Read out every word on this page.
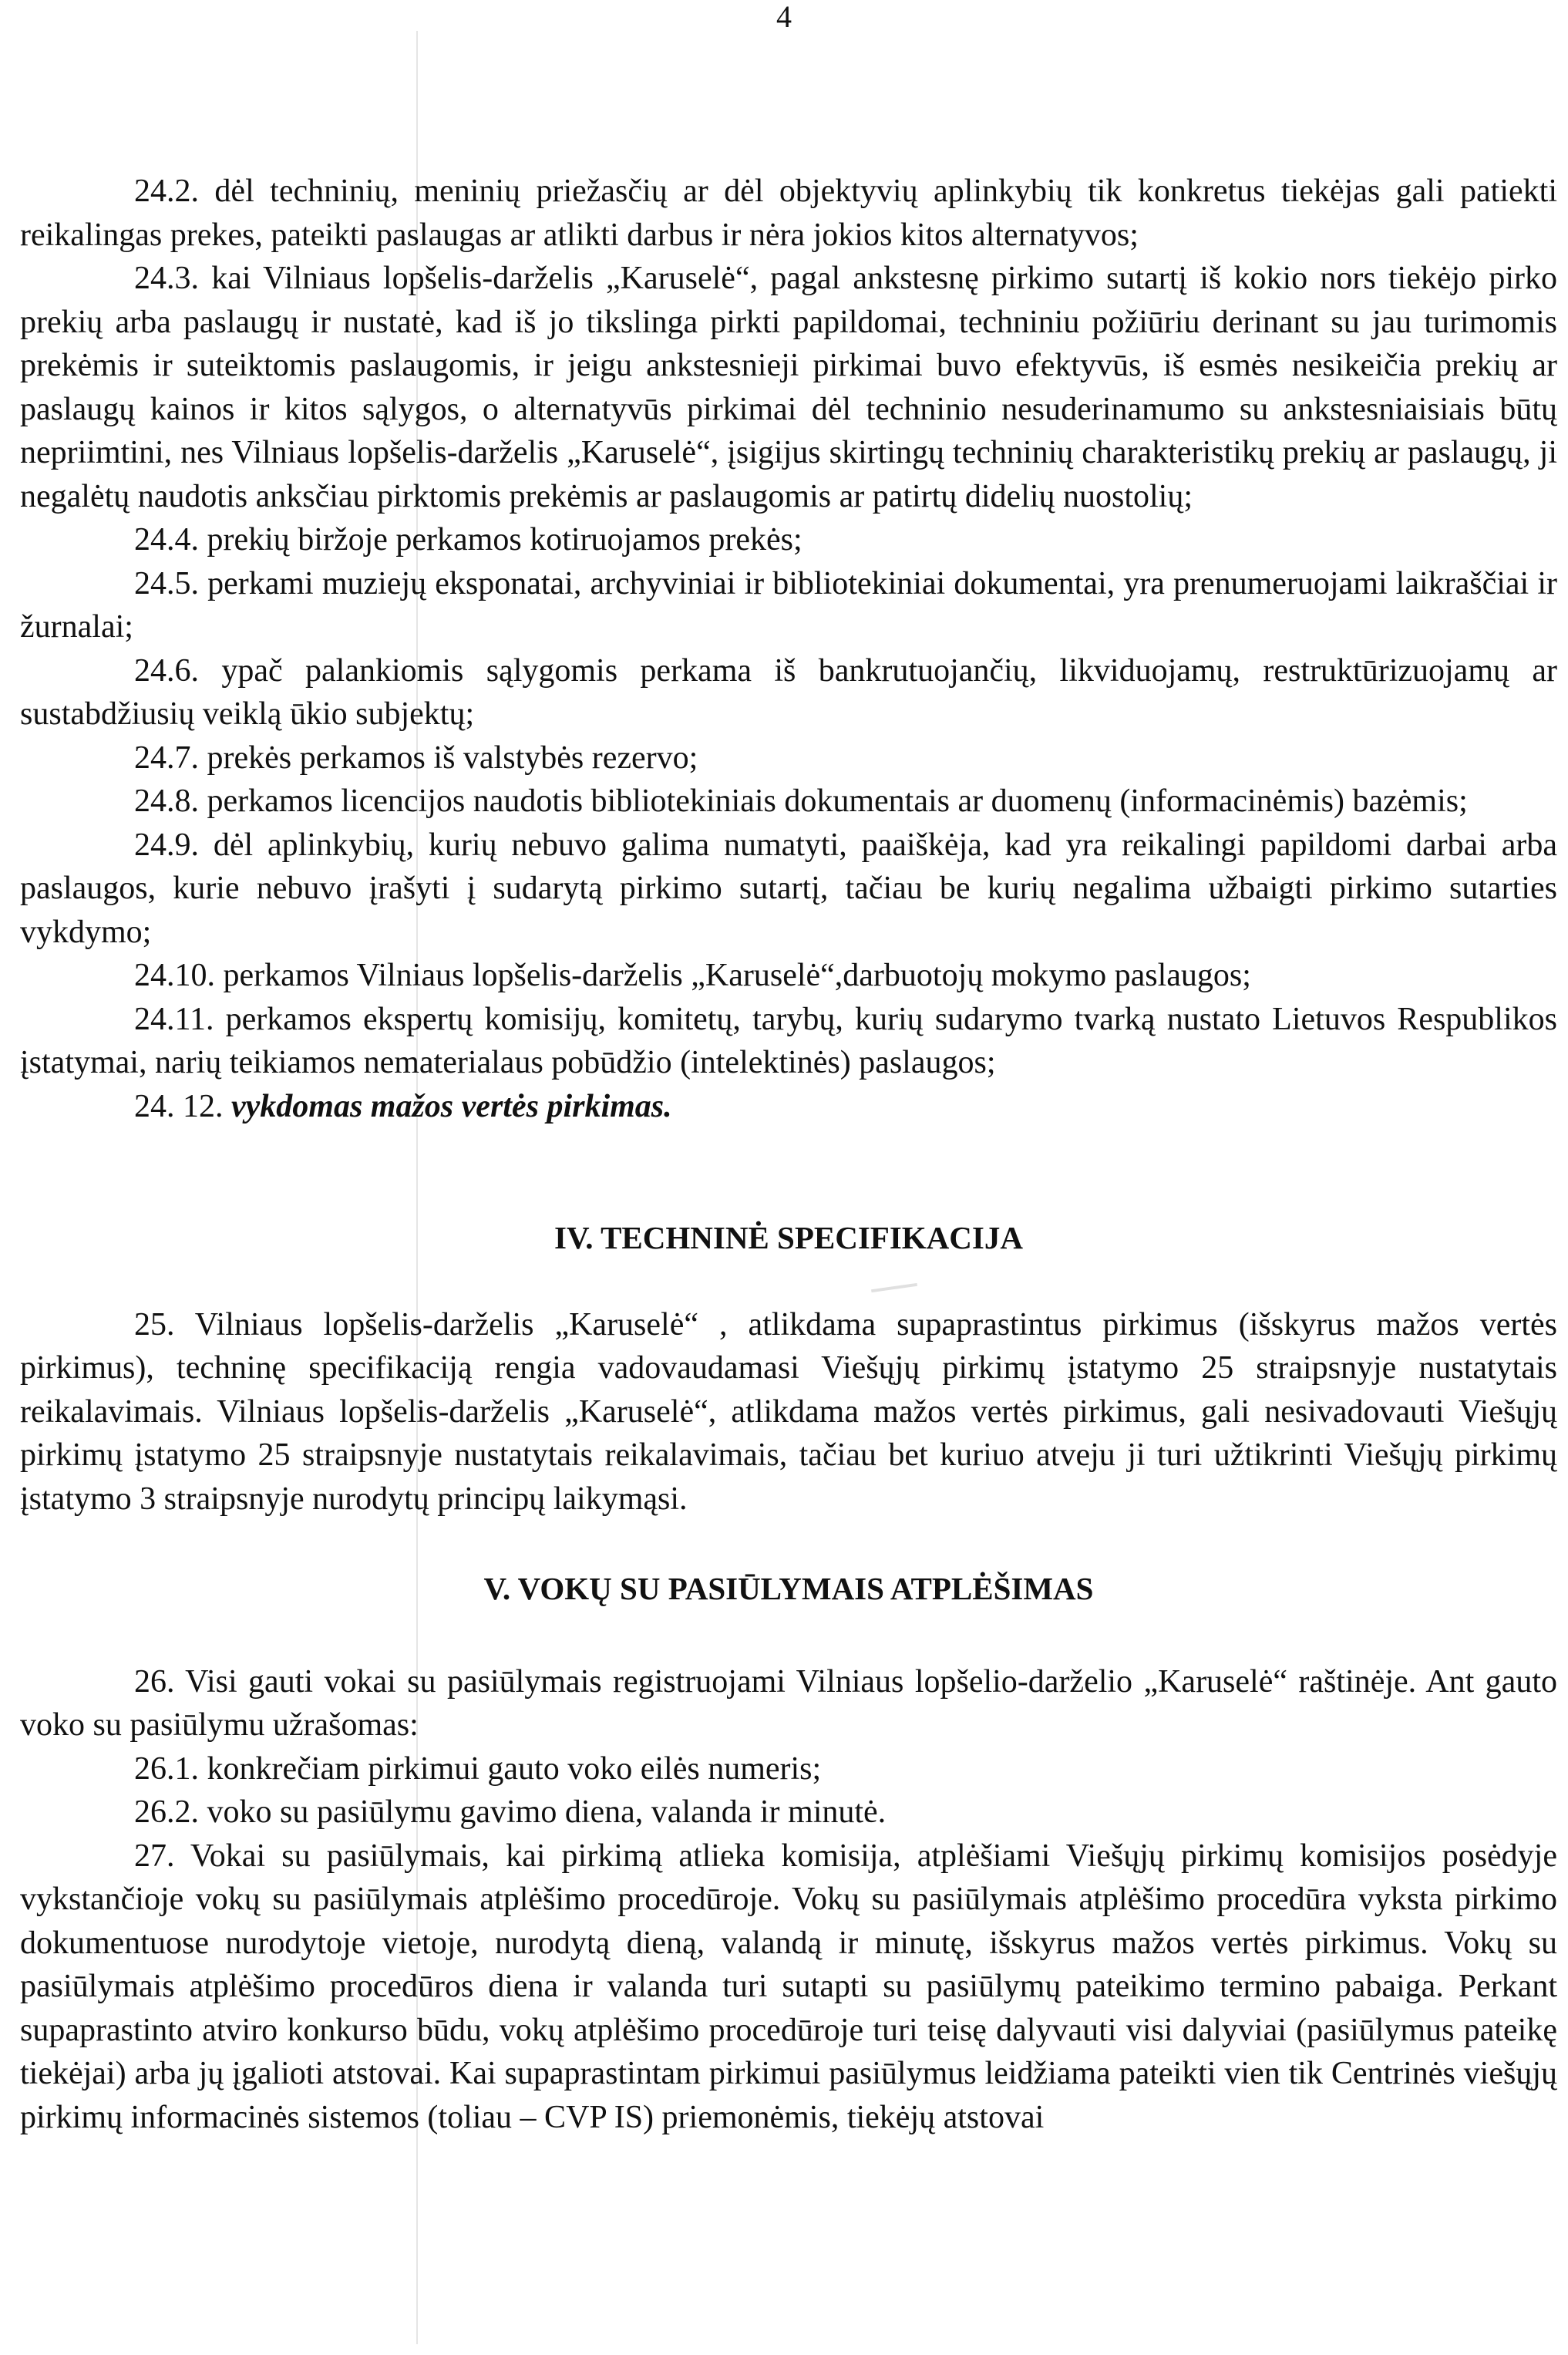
4

24.2. dėl techninių, meninių priežasčių ar dėl objektyvių aplinkybių tik konkretus tiekėjas gali patiekti reikalingas prekes, pateikti paslaugas ar atlikti darbus ir nėra jokios kitos alternatyvos;

24.3. kai Vilniaus lopšelis-darželis „Karuselė“, pagal ankstesnę pirkimo sutartį iš kokio nors tiekėjo pirko prekių arba paslaugų ir nustatė, kad iš jo tikslinga pirkti papildomai, techniniu požiūriu derinant su jau turimomis prekėmis ir suteiktomis paslaugomis, ir jeigu ankstesnieji pirkimai buvo efektyvūs, iš esmės nesikeičia prekių ar paslaugų kainos ir kitos sąlygos, o alternatyvūs pirkimai dėl techninio nesuderinamumo su ankstesniaisiais būtų nepriimtini, nes Vilniaus lopšelis-darželis „Karuselė“, įsigijus skirtingų techninių charakteristikų prekių ar paslaugų, ji negalėtų naudotis anksčiau pirktomis prekėmis ar paslaugomis ar patirtų didelių nuostolių;

24.4. prekių biržoje perkamos kotiruojamos prekės;

24.5. perkami muziejų eksponatai, archyviniai ir bibliotekiniai dokumentai, yra prenumeruojami laikraščiai ir žurnalai;

24.6. ypač palankiomis sąlygomis perkama iš bankrutuojančių, likviduojamų, restruktūrizuojamų ar sustabdžiusių veiklą ūkio subjektų;

24.7. prekės perkamos iš valstybės rezervo;

24.8. perkamos licencijos naudotis bibliotekiniais dokumentais ar duomenų (informacinėmis) bazėmis;

24.9. dėl aplinkybių, kurių nebuvo galima numatyti, paaiškėja, kad yra reikalingi papildomi darbai arba paslaugos, kurie nebuvo įrašyti į sudarytą pirkimo sutartį, tačiau be kurių negalima užbaigti pirkimo sutarties vykdymo;

24.10. perkamos Vilniaus lopšelis-darželis „Karuselė“,darbuotojų mokymo paslaugos;

24.11. perkamos ekspertų komisijų, komitetų, tarybų, kurių sudarymo tvarką nustato Lietuvos Respublikos įstatymai, narių teikiamos nematerialaus pobūdžio (intelektinės) paslaugos;

24. 12. vykdomas mažos vertės pirkimas.

IV. TECHNINĖ SPECIFIKACIJA

25. Vilniaus lopšelis-darželis „Karuselė“ , atlikdama supaprastintus pirkimus (išskyrus mažos vertės pirkimus), techninę specifikaciją rengia vadovaudamasi Viešųjų pirkimų įstatymo 25 straipsnyje nustatytais reikalavimais. Vilniaus lopšelis-darželis „Karuselė“, atlikdama mažos vertės pirkimus, gali nesivadovauti Viešųjų pirkimų įstatymo 25 straipsnyje nustatytais reikalavimais, tačiau bet kuriuo atveju ji turi užtikrinti Viešųjų pirkimų įstatymo 3 straipsnyje nurodytų principų laikymąsi.

V. VOKŲ SU PASIŪLYMAIS ATPLĖŠIMAS

26. Visi gauti vokai su pasiūlymais registruojami Vilniaus lopšelio-darželio „Karuselė“ raštinėje. Ant gauto voko su pasiūlymu užrašomas:

26.1. konkrečiam pirkimui gauto voko eilės numeris;

26.2. voko su pasiūlymu gavimo diena, valanda ir minutė.

27. Vokai su pasiūlymais, kai pirkimą atlieka komisija, atplėšiami Viešųjų pirkimų komisijos posėdyje vykstančioje vokų su pasiūlymais atplėšimo procedūroje. Vokų su pasiūlymais atplėšimo procedūra vyksta pirkimo dokumentuose nurodytoje vietoje, nurodytą dieną, valandą ir minutę, išskyrus mažos vertės pirkimus. Vokų su pasiūlymais atplėšimo procedūros diena ir valanda turi sutapti su pasiūlymų pateikimo termino pabaiga. Perkant supaprastinto atviro konkurso būdu, vokų atplėšimo procedūroje turi teisę dalyvauti visi dalyviai (pasiūlymus pateikę tiekėjai) arba jų įgalioti atstovai. Kai supaprastintam pirkimui pasiūlymus leidžiama pateikti vien tik Centrinės viešųjų pirkimų informacinės sistemos (toliau – CVP IS) priemonėmis, tiekėjų atstovai
